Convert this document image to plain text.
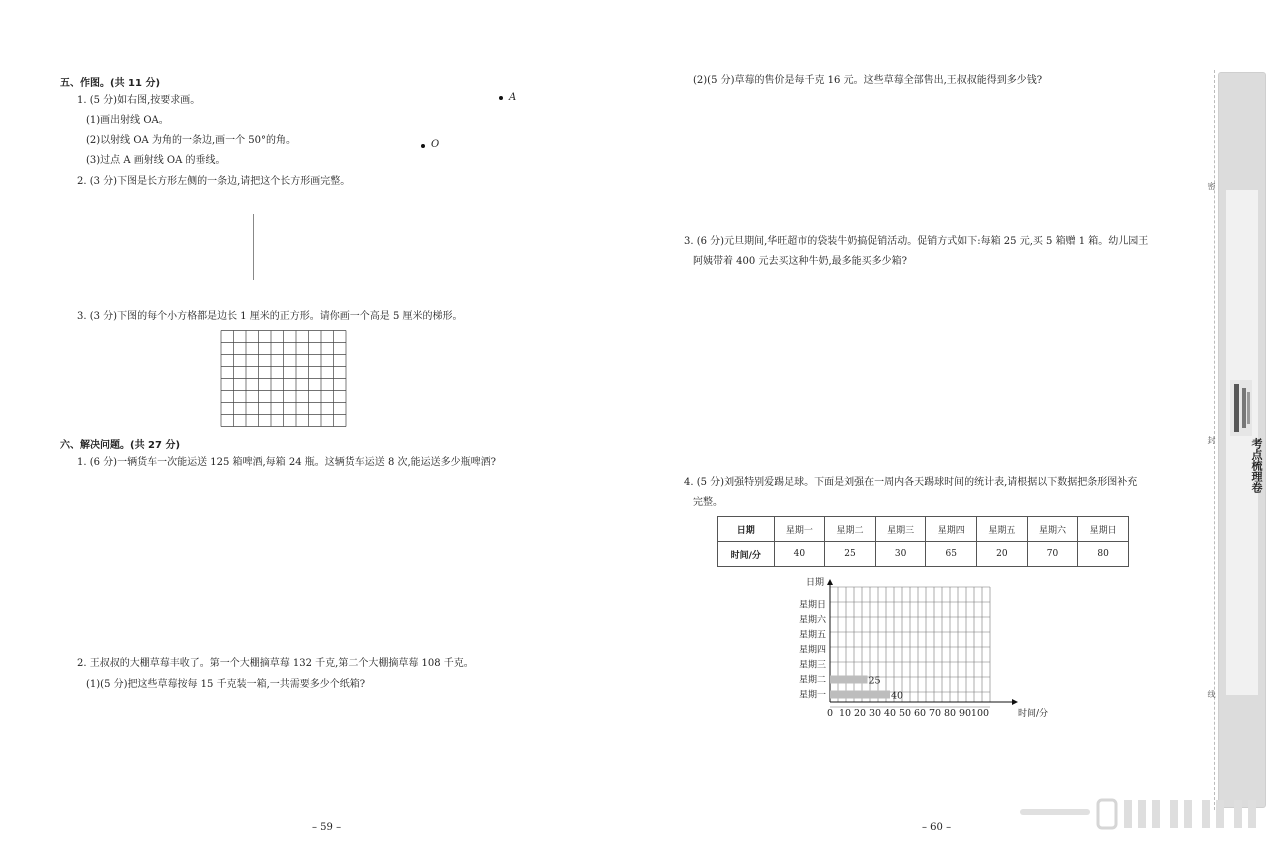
五、作图。(共 11 分)
1. (5 分)如右图,按要求画。
(1)画出射线 OA。
(2)以射线 OA 为角的一条边,画一个 50°的角。
(3)过点 A 画射线 OA 的垂线。
A
O
2. (3 分)下图是长方形左侧的一条边,请把这个长方形画完整。
3. (3 分)下图的每个小方格都是边长 1 厘米的正方形。请你画一个高是 5 厘米的梯形。
六、解决问题。(共 27 分)
1. (6 分)一辆货车一次能运送 125 箱啤酒,每箱 24 瓶。这辆货车运送 8 次,能运送多少瓶啤酒?
2. 王叔叔的大棚草莓丰收了。第一个大棚摘草莓 132 千克,第二个大棚摘草莓 108 千克。
(1)(5 分)把这些草莓按每 15 千克装一箱,一共需要多少个纸箱?
– 59 –
(2)(5 分)草莓的售价是每千克 16 元。这些草莓全部售出,王叔叔能得到多少钱?
3. (6 分)元旦期间,华旺超市的袋装牛奶搞促销活动。促销方式如下:每箱 25 元,买 5 箱赠 1 箱。幼儿园王
阿姨带着 400 元去买这种牛奶,最多能买多少箱?
4. (5 分)刘强特别爱踢足球。下面是刘强在一周内各天踢球时间的统计表,请根据以下数据把条形图补充
完整。
日期	星期一	星期二	星期三	星期四	星期五	星期六	星期日
时间/分	40	25	30	65	20	70	80
日期
星期一
星期二
星期三
星期四
星期五
星期六
星期日
0 10 20 30 40 50 60 70 80 90 100	时间/分
40
25
– 60 –
考点梳理卷
密
封
线
